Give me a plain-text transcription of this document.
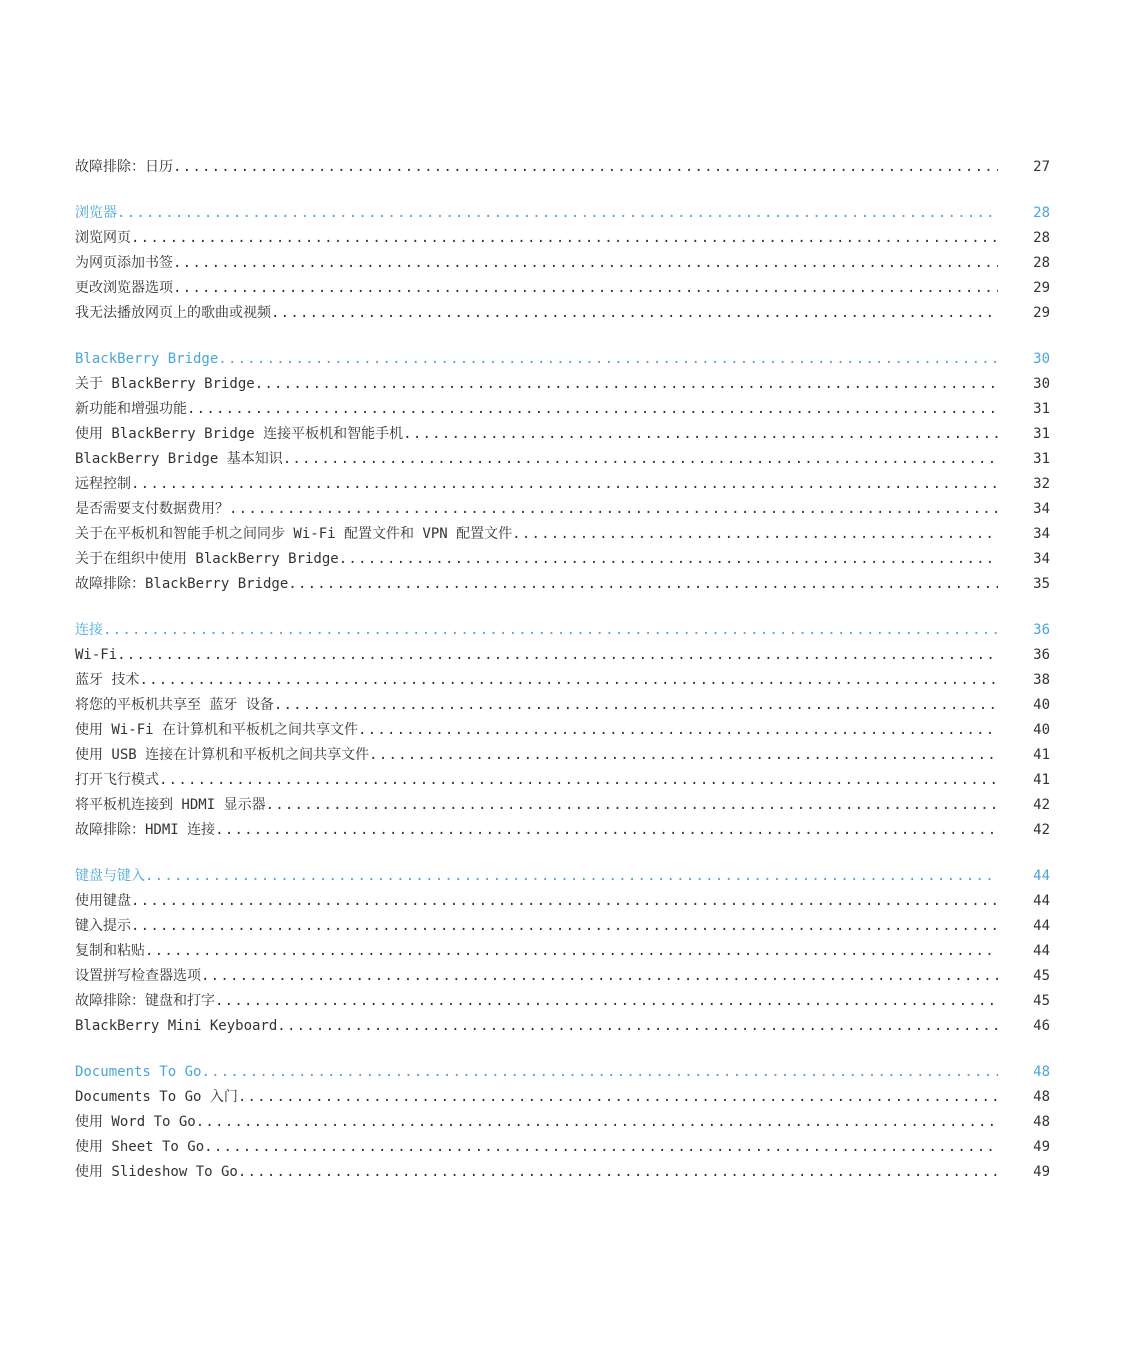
故障排除：日历 . . .	27
浏览器 . . .	28
浏览网页 . . .	28
为网页添加书签 . . .	28
更改浏览器选项 . . .	29
我无法播放网页上的歌曲或视频 . . .	29
BlackBerry Bridge . . .	30
关于 BlackBerry Bridge . . .	30
新功能和增强功能 . . .	31
使用 BlackBerry Bridge 连接平板机和智能手机 . . .	31
BlackBerry Bridge 基本知识 . . .	31
远程控制 . . .	32
是否需要支付数据费用？ . . .	34
关于在平板机和智能手机之间同步 Wi-Fi 配置文件和 VPN 配置文件 . . .	34
关于在组织中使用 BlackBerry Bridge . . .	34
故障排除：BlackBerry Bridge . . .	35
连接 . . .	36
Wi-Fi . . .	36
蓝牙 技术 . . .	38
将您的平板机共享至 蓝牙 设备 . . .	40
使用 Wi-Fi 在计算机和平板机之间共享文件 . . .	40
使用 USB 连接在计算机和平板机之间共享文件 . . .	41
打开飞行模式 . . .	41
将平板机连接到 HDMI 显示器 . . .	42
故障排除：HDMI 连接 . . .	42
键盘与键入 . . .	44
使用键盘 . . .	44
键入提示 . . .	44
复制和粘贴 . . .	44
设置拼写检查器选项 . . .	45
故障排除：键盘和打字 . . .	45
BlackBerry Mini Keyboard . . .	46
Documents To Go . . .	48
Documents To Go 入门 . . .	48
使用 Word To Go . . .	48
使用 Sheet To Go . . .	49
使用 Slideshow To Go . . .	49
